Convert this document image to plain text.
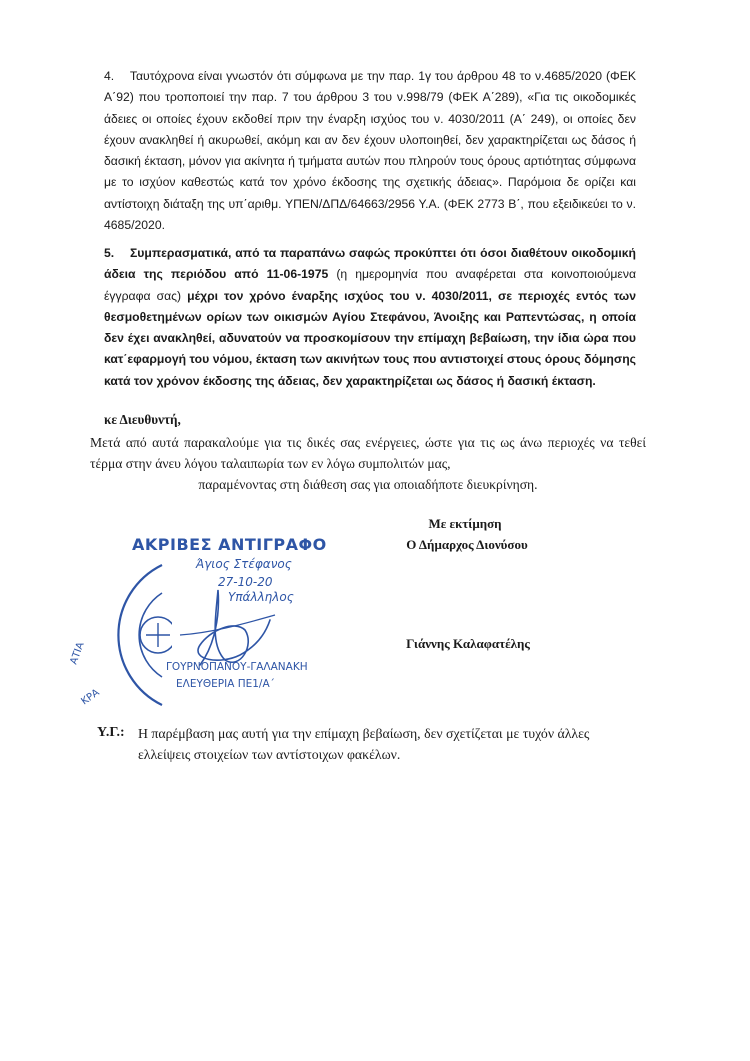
4. Ταυτόχρονα είναι γνωστόν ότι σύμφωνα με την παρ. 1γ του άρθρου 48 το ν.4685/2020 (ΦΕΚ Α΄92) που τροποποιεί την παρ. 7 του άρθρου 3 του ν.998/79 (ΦΕΚ Α΄289), «Για τις οικοδομικές άδειες οι οποίες έχουν εκδοθεί πριν την έναρξη ισχύος του ν. 4030/2011 (Α΄ 249), οι οποίες δεν έχουν ανακληθεί ή ακυρωθεί, ακόμη και αν δεν έχουν υλοποιηθεί, δεν χαρακτηρίζεται ως δάσος ή δασική έκταση, μόνον για ακίνητα ή τμήματα αυτών που πληρούν τους όρους αρτιότητας σύμφωνα με το ισχύον καθεστώς κατά τον χρόνο έκδοσης της σχετικής άδειας». Παρόμοια δε ορίζει και αντίστοιχη διάταξη της υπ΄αριθμ. ΥΠΕΝ/ΔΠΔ/64663/2956 Υ.Α. (ΦΕΚ 2773 Β΄, που εξειδικεύει το ν. 4685/2020.
5. Συμπερασματικά, από τα παραπάνω σαφώς προκύπτει ότι όσοι διαθέτουν οικοδομική άδεια της περιόδου από 11-06-1975 (η ημερομηνία που αναφέρεται στα κοινοποιούμενα έγγραφα σας) μέχρι τον χρόνο έναρξης ισχύος του ν. 4030/2011, σε περιοχές εντός των θεσμοθετημένων ορίων των οικισμών Αγίου Στεφάνου, Άνοιξης και Ραπεντώσας, η οποία δεν έχει ανακληθεί, αδυνατούν να προσκομίσουν την επίμαχη βεβαίωση, την ίδια ώρα που κατ΄εφαρμογή του νόμου, έκταση των ακινήτων τους που αντιστοιχεί στους όρους δόμησης κατά τον χρόνον έκδοσης της άδειας, δεν χαρακτηρίζεται ως δάσος ή δασική έκταση.
κε Διευθυντή,
Μετά από αυτά παρακαλούμε για τις δικές σας ενέργειες, ώστε για τις ως άνω περιοχές να τεθεί τέρμα στην άνευ λόγου ταλαιπωρία των εν λόγω συμπολιτών μας,
παραμένοντας στη διάθεση σας για οποιαδήποτε διευκρίνηση.
Με εκτίμηση
Ο Δήμαρχος Διονύσου
Γιάννης Καλαφατέλης
ΑΚΡΙΒΕΣ ΑΝΤΙΓΡΑΦΟ
Άγιος Στέφανος
27-10-20
Υπάλληλος
ΓΟΥΡΝΟΠΑΝΟΥ-ΓΑΛΑΝΑΚΗ
ΕΛΕΥΘΕΡΙΑ ΠΕ1/Α΄
ΑΤΙΑ
ΚΡΑ
Υ.Γ.: Η παρέμβαση μας αυτή για την επίμαχη βεβαίωση, δεν σχετίζεται με τυχόν άλλες ελλείψεις στοιχείων των αντίστοιχων φακέλων.
